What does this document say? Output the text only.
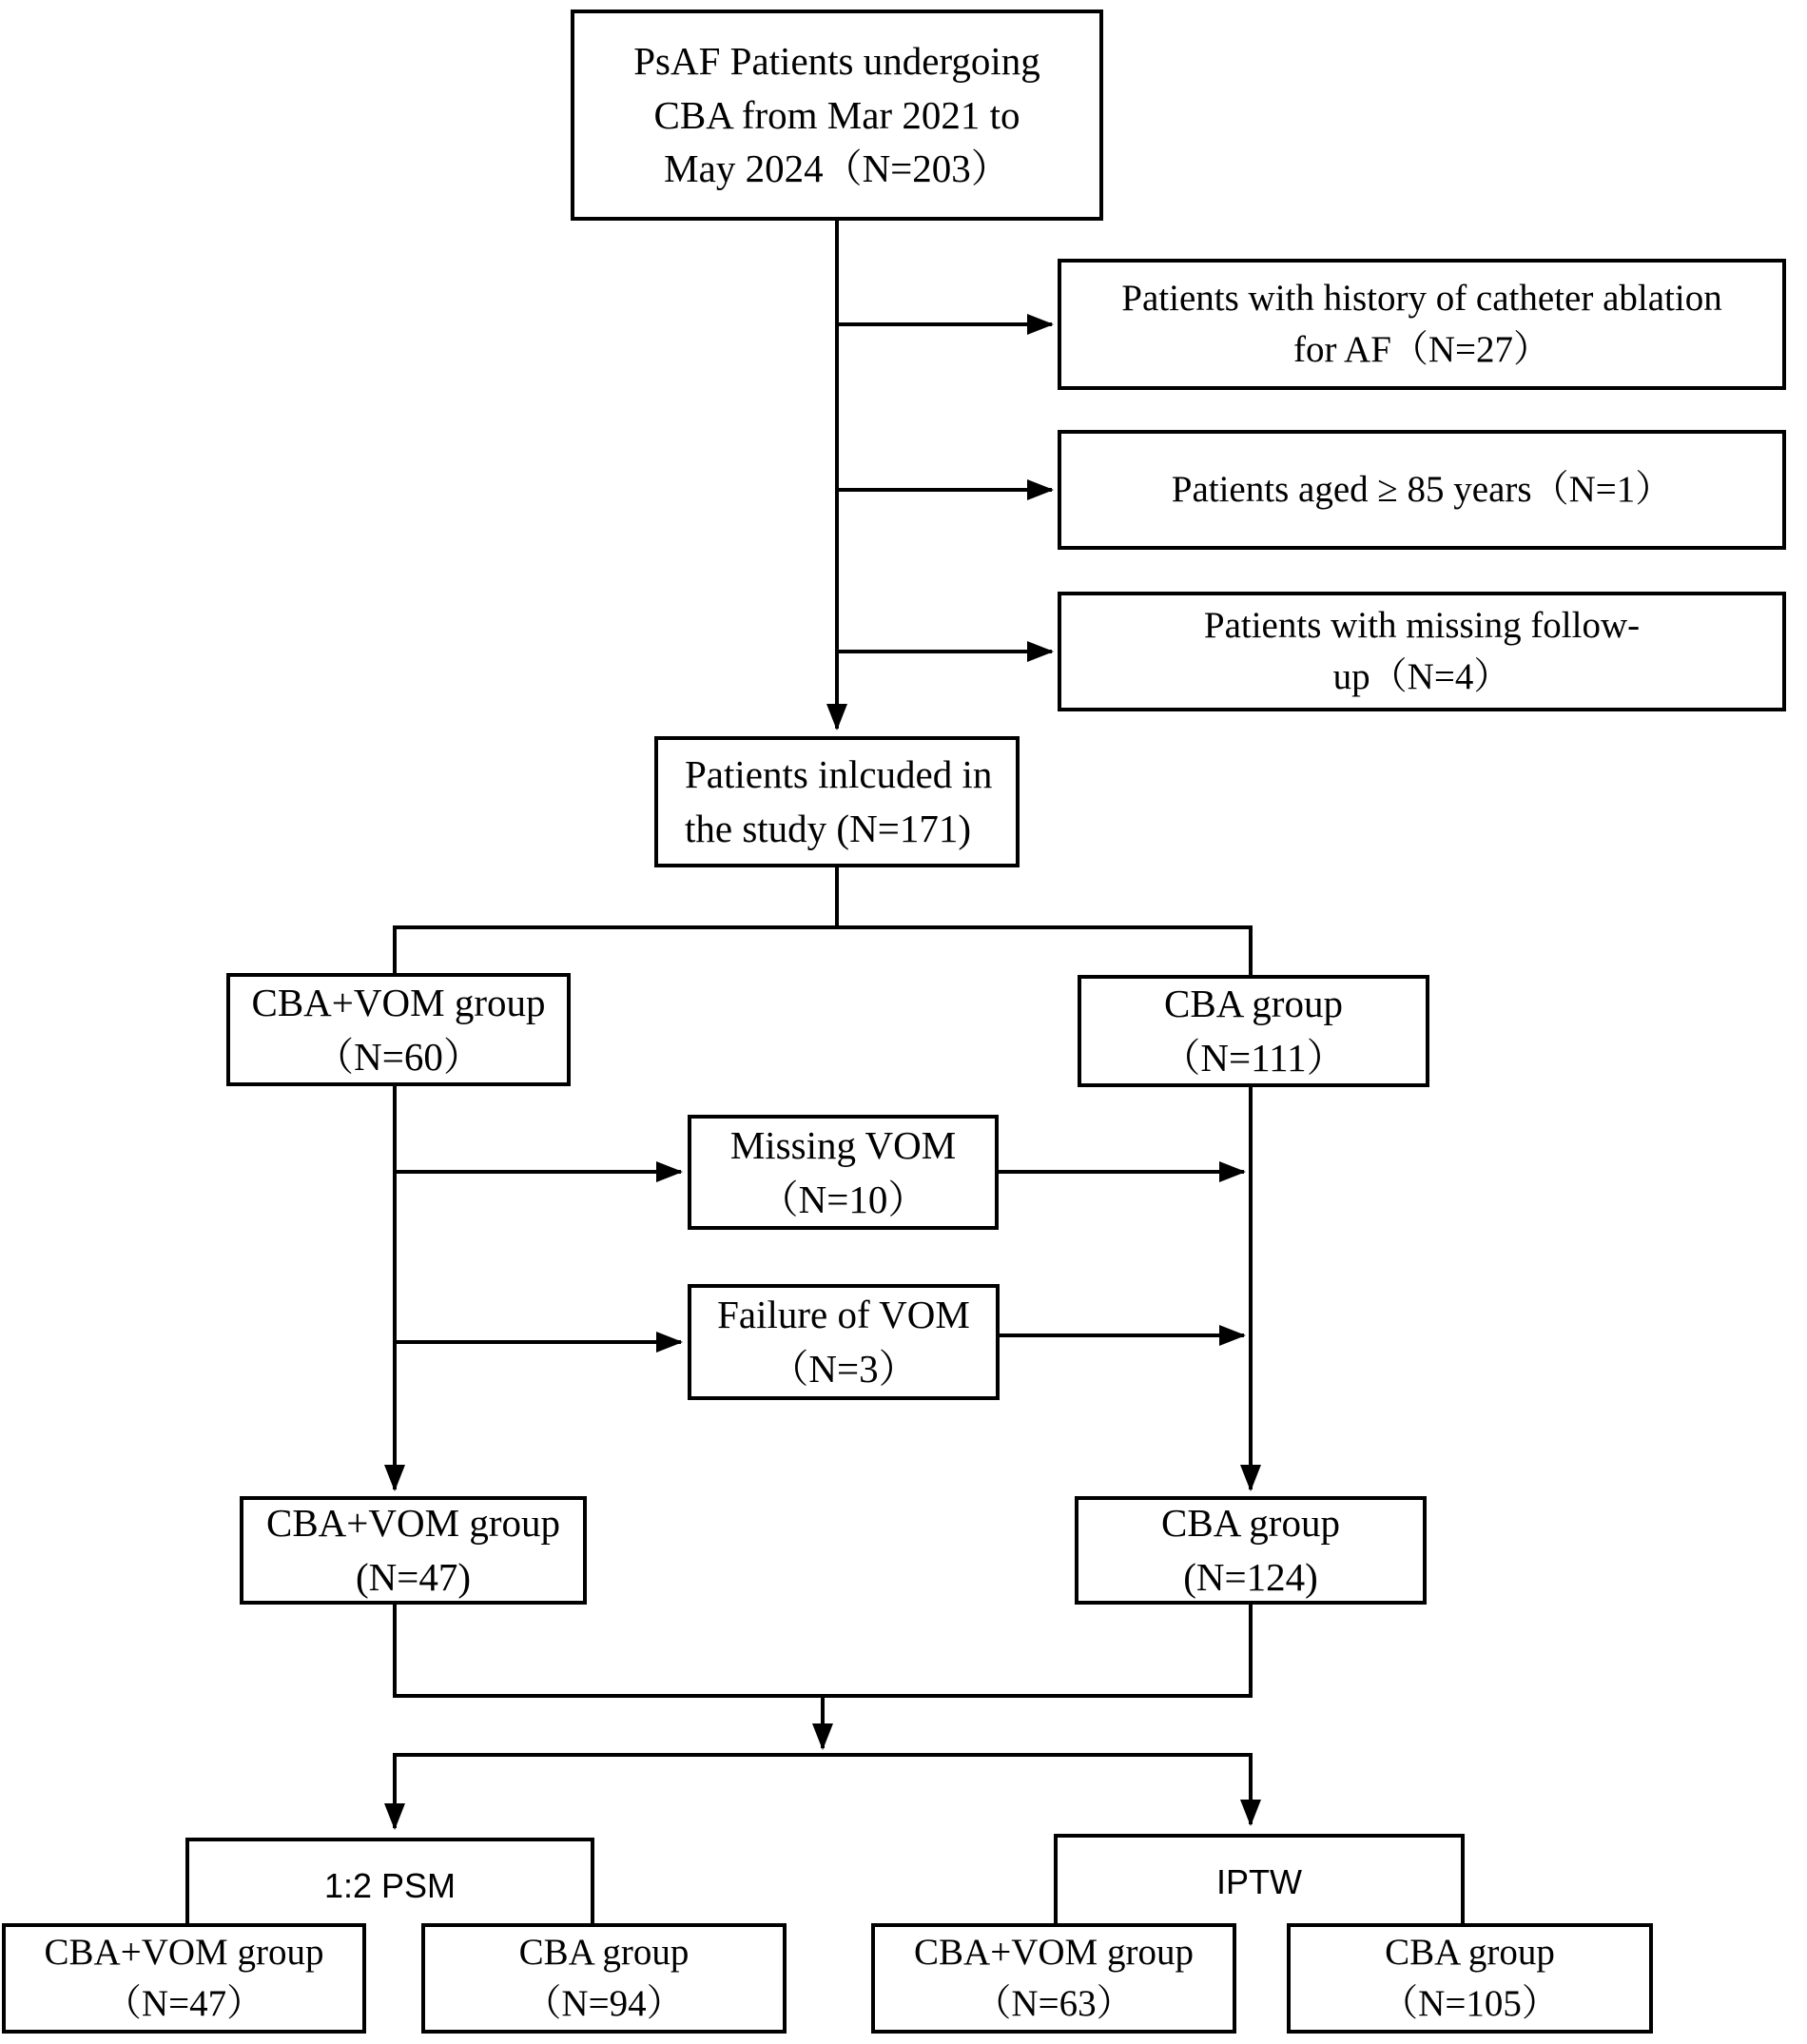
PsAF Patients undergoing
CBA from Mar 2021 to
May 2024（N=203）
Patients with history of catheter ablation
for AF（N=27）
Patients aged ≥ 85 years（N=1）
Patients with missing follow-
up（N=4）
Patients inlcuded in
the study (N=171)
CBA+VOM group
（N=60）
CBA group
（N=111）
Missing VOM
（N=10）
Failure of VOM
（N=3）
CBA+VOM group
(N=47)
CBA group
(N=124)
1:2 PSM	IPTW
CBA+VOM group
（N=47）
CBA group
（N=94）
CBA+VOM group
（N=63）
CBA group
（N=105）
